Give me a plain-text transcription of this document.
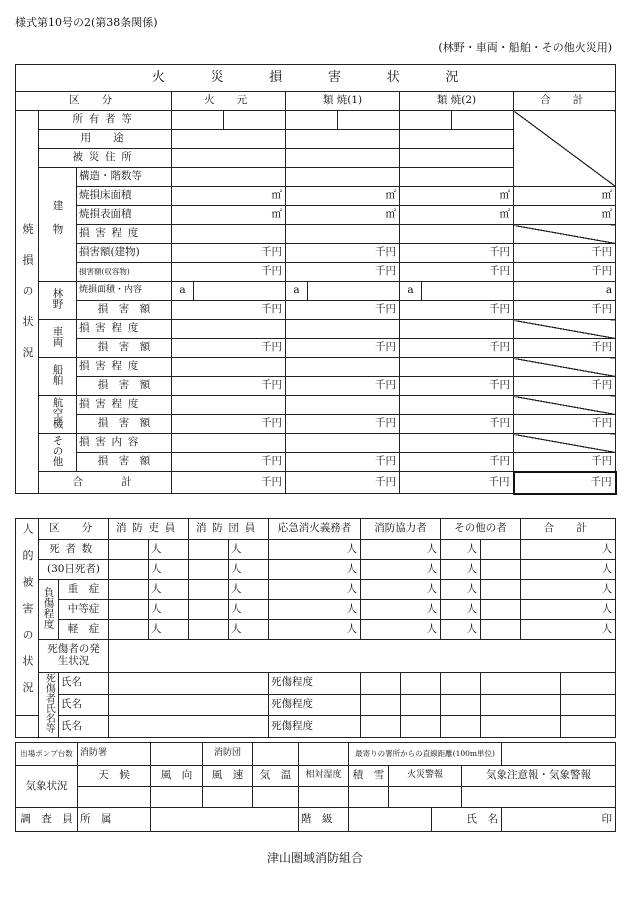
様式第10号の2(第38条関係)
(林野・車両・船舶・その他火災用)
火 災 損 害 状 況												
区　分			火　元			類 焼(1)			類 焼(2)			合　計
焼損の状況	所有者等											
	用　途											
	被災住所											
	建物	構造・階数等										
		焼損床面積	㎡			㎡			㎡			㎡
		焼損表面積	㎡			㎡			㎡			㎡
		損害程度										
		損害額(建物)	千円			千円			千円			千円
		損害額(収容物)	千円			千円			千円			千円
	林野	焼損面積・内容	a			a			a			a
		損　害　額	千円			千円			千円			千円
	車両	損害程度										
		損　害　額	千円			千円			千円			千円
	船舶	損害程度										
		損　害　額	千円			千円			千円			千円
	航空機	損害程度										
		損　害　額	千円			千円			千円			千円
	その他	損害内容										
		損　害　額	千円			千円			千円			千円
	合　　計		千円			千円			千円			千円
人的被害の状況	区　分		消防吏員		消防団員		応急消火義務者	消防協力者		その他の者		合　計	
	死者数			人		人	人	人		人		人	
	(30日死者)			人		人	人	人		人		人	
	負傷程度	重　症		人		人	人	人		人		人	
		中等症		人		人	人	人		人		人	
		軽　症		人		人	人	人		人		人	
	死傷者の発生状況												
	死傷者氏名等	氏名					死傷程度						
		氏名					死傷程度						
		氏名					死傷程度						
出場ポンプ台数	消防署		消防団			最寄りの署所からの直線距離(100m単位)				
気象状況	天　候	風　向	風　速	気　温	相対湿度	積　雪	火災警報		気象注意報・気象警報	

調　査　員	所　属				階　級			氏　名		印
津山圏域消防組合
